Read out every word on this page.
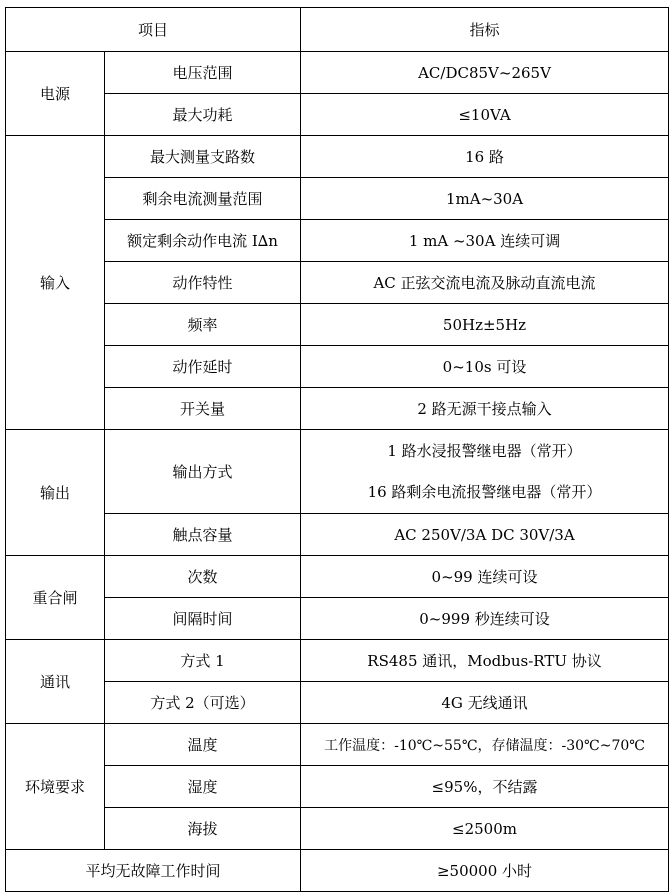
项目		指标
电源	电压范围	AC/DC85V~265V
	最大功耗	≤10VA
输入	最大测量支路数	16 路
	剩余电流测量范围	1mA~30A
	额定剩余动作电流 I∆n	1 mA ~30A 连续可调
	动作特性	AC 正弦交流电流及脉动直流电流
	频率	50Hz±5Hz
	动作延时	0~10s 可设
	开关量	2 路无源干接点输入
输出	输出方式	1 路水浸报警继电器（常开）
16 路剩余电流报警继电器（常开）

	触点容量	AC 250V/3A DC 30V/3A
重合闸	次数	0~99 连续可设
	间隔时间	0~999 秒连续可设
通讯	方式 1	RS485 通讯，Modbus-RTU 协议
	方式 2（可选）	4G 无线通讯
环境要求	温度	工作温度：-10℃~55℃，存储温度：-30℃~70℃
	湿度	≤95%，不结露
	海拔	≤2500m
平均无故障工作时间		≥50000 小时
